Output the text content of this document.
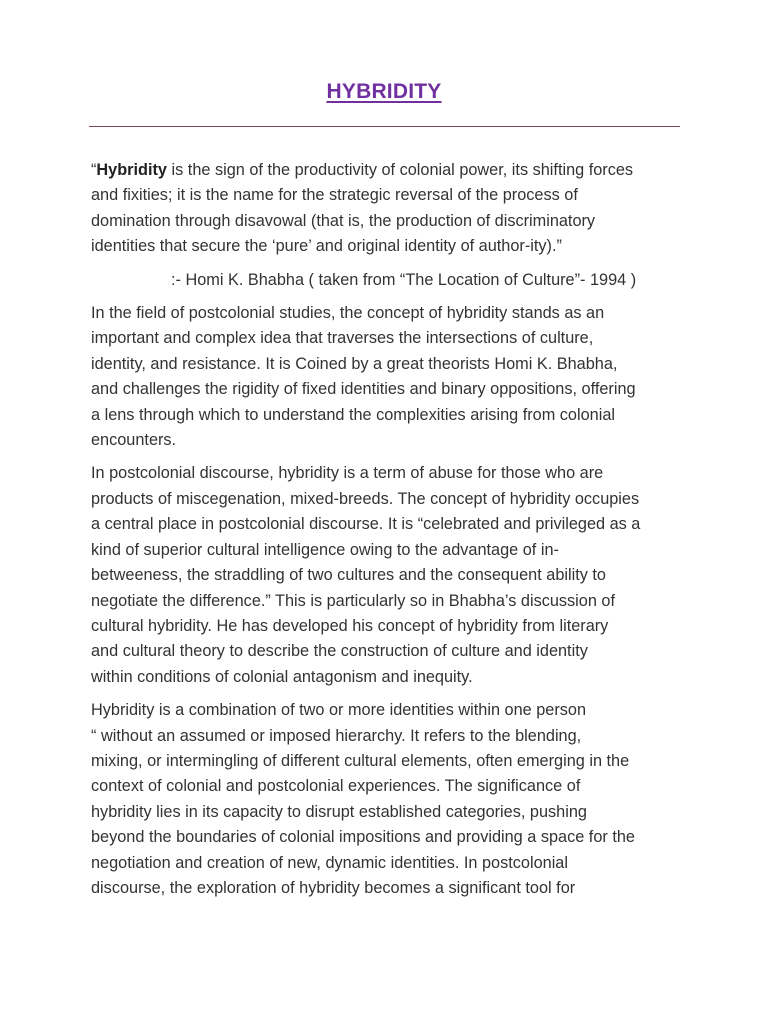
HYBRIDITY

“Hybridity is the sign of the productivity of colonial power, its shifting forces
and fixities; it is the name for the strategic reversal of the process of
domination through disavowal (that is, the production of discriminatory
identities that secure the ‘pure’ and original identity of author-ity).”

:- Homi K. Bhabha ( taken from “The Location of Culture”- 1994 )

In the field of postcolonial studies, the concept of hybridity stands as an
important and complex idea that traverses the intersections of culture,
identity, and resistance. It is Coined by a great theorists Homi K. Bhabha,
and challenges the rigidity of fixed identities and binary oppositions, offering
a lens through which to understand the complexities arising from colonial
encounters.

In postcolonial discourse, hybridity is a term of abuse for those who are
products of miscegenation, mixed-breeds. The concept of hybridity occupies
a central place in postcolonial discourse. It is “celebrated and privileged as a
kind of superior cultural intelligence owing to the advantage of in-
betweeness, the straddling of two cultures and the consequent ability to
negotiate the difference.” This is particularly so in Bhabha’s discussion of
cultural hybridity. He has developed his concept of hybridity from literary
and cultural theory to describe the construction of culture and identity
within conditions of colonial antagonism and inequity.

Hybridity is a combination of two or more identities within one person
“ without an assumed or imposed hierarchy. It refers to the blending,
mixing, or intermingling of different cultural elements, often emerging in the
context of colonial and postcolonial experiences. The significance of
hybridity lies in its capacity to disrupt established categories, pushing
beyond the boundaries of colonial impositions and providing a space for the
negotiation and creation of new, dynamic identities. In postcolonial
discourse, the exploration of hybridity becomes a significant tool for
